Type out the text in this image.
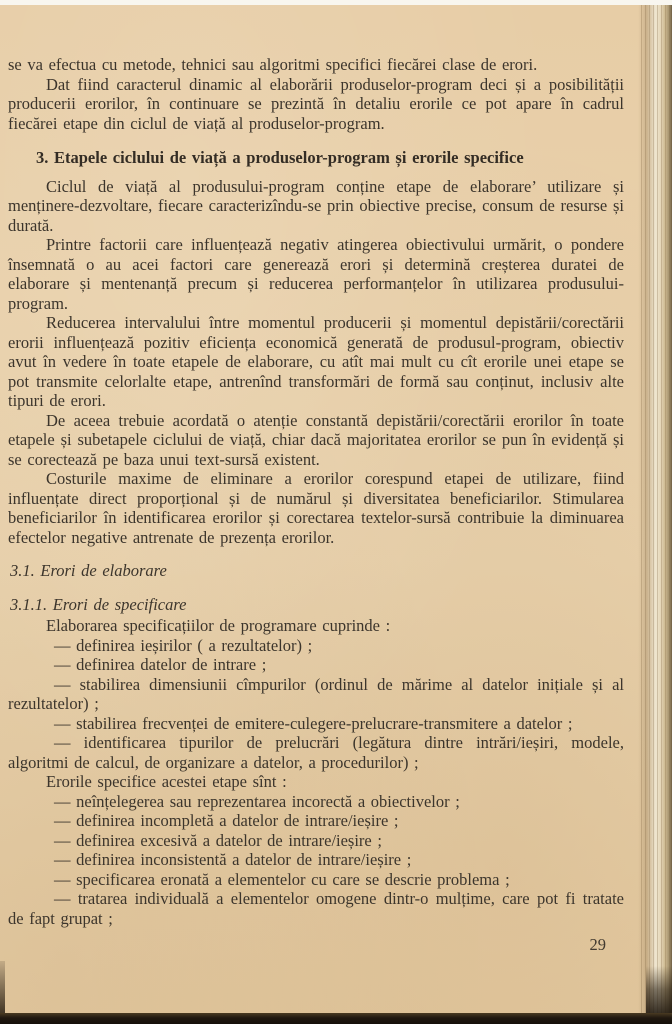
se va efectua cu metode, tehnici sau algoritmi specifici fiecărei clase de erori.

Dat fiind caracterul dinamic al elaborării produselor-program deci și a posibilității producerii erorilor, în continuare se prezintă în detaliu erorile ce pot apare în cadrul fiecărei etape din ciclul de viață al produselor-program.

3. Etapele ciclului de viață a produselor-program și erorile specifice

Ciclul de viață al produsului-program conține etape de elaborare’ utilizare și menținere-dezvoltare, fiecare caracterizîndu-se prin obiective precise, consum de resurse și durată.

Printre factorii care influențează negativ atingerea obiectivului urmărit, o pondere însemnată o au acei factori care generează erori și determină creșterea duratei de elaborare și mentenanță precum și reducerea performanțelor în utilizarea produsului-program.

Reducerea intervalului între momentul producerii și momentul depistării/corectării erorii influențează pozitiv eficiența economică generată de produsul-program, obiectiv avut în vedere în toate etapele de elaborare, cu atît mai mult cu cît erorile unei etape se pot transmite celorlalte etape, antrenînd transformări de formă sau conținut, inclusiv alte tipuri de erori.

De aceea trebuie acordată o atenție constantă depistării/corectării erorilor în toate etapele și subetapele ciclului de viață, chiar dacă majoritatea erorilor se pun în evidență și se corectează pe baza unui text-sursă existent.

Costurile maxime de eliminare a erorilor corespund etapei de utilizare, fiind influențate direct proporțional și de numărul și diversitatea beneficiarilor. Stimularea beneficiarilor în identificarea erorilor și corectarea textelor-sursă contribuie la diminuarea efectelor negative antrenate de prezența erorilor.

3.1. Erori de elaborare

3.1.1. Erori de specificare

Elaborarea specificațiilor de programare cuprinde :

— definirea ieșirilor ( a rezultatelor) ;

— definirea datelor de intrare ;

— stabilirea dimensiunii cîmpurilor (ordinul de mărime al datelor inițiale și al rezultatelor) ;

— stabilirea frecvenței de emitere-culegere-prelucrare-transmitere a datelor ;

— identificarea tipurilor de prelucrări (legătura dintre intrări/ieșiri, modele, algoritmi de calcul, de organizare a datelor, a procedurilor) ;

Erorile specifice acestei etape sînt :

— neînțelegerea sau reprezentarea incorectă a obiectivelor ;

— definirea incompletă a datelor de intrare/ieșire ;

— definirea excesivă a datelor de intrare/ieșire ;

— definirea inconsistentă a datelor de intrare/ieșire ;

— specificarea eronată a elementelor cu care se descrie problema ;

— tratarea individuală a elementelor omogene dintr-o mulțime, care pot fi tratate de fapt grupat ;

29
